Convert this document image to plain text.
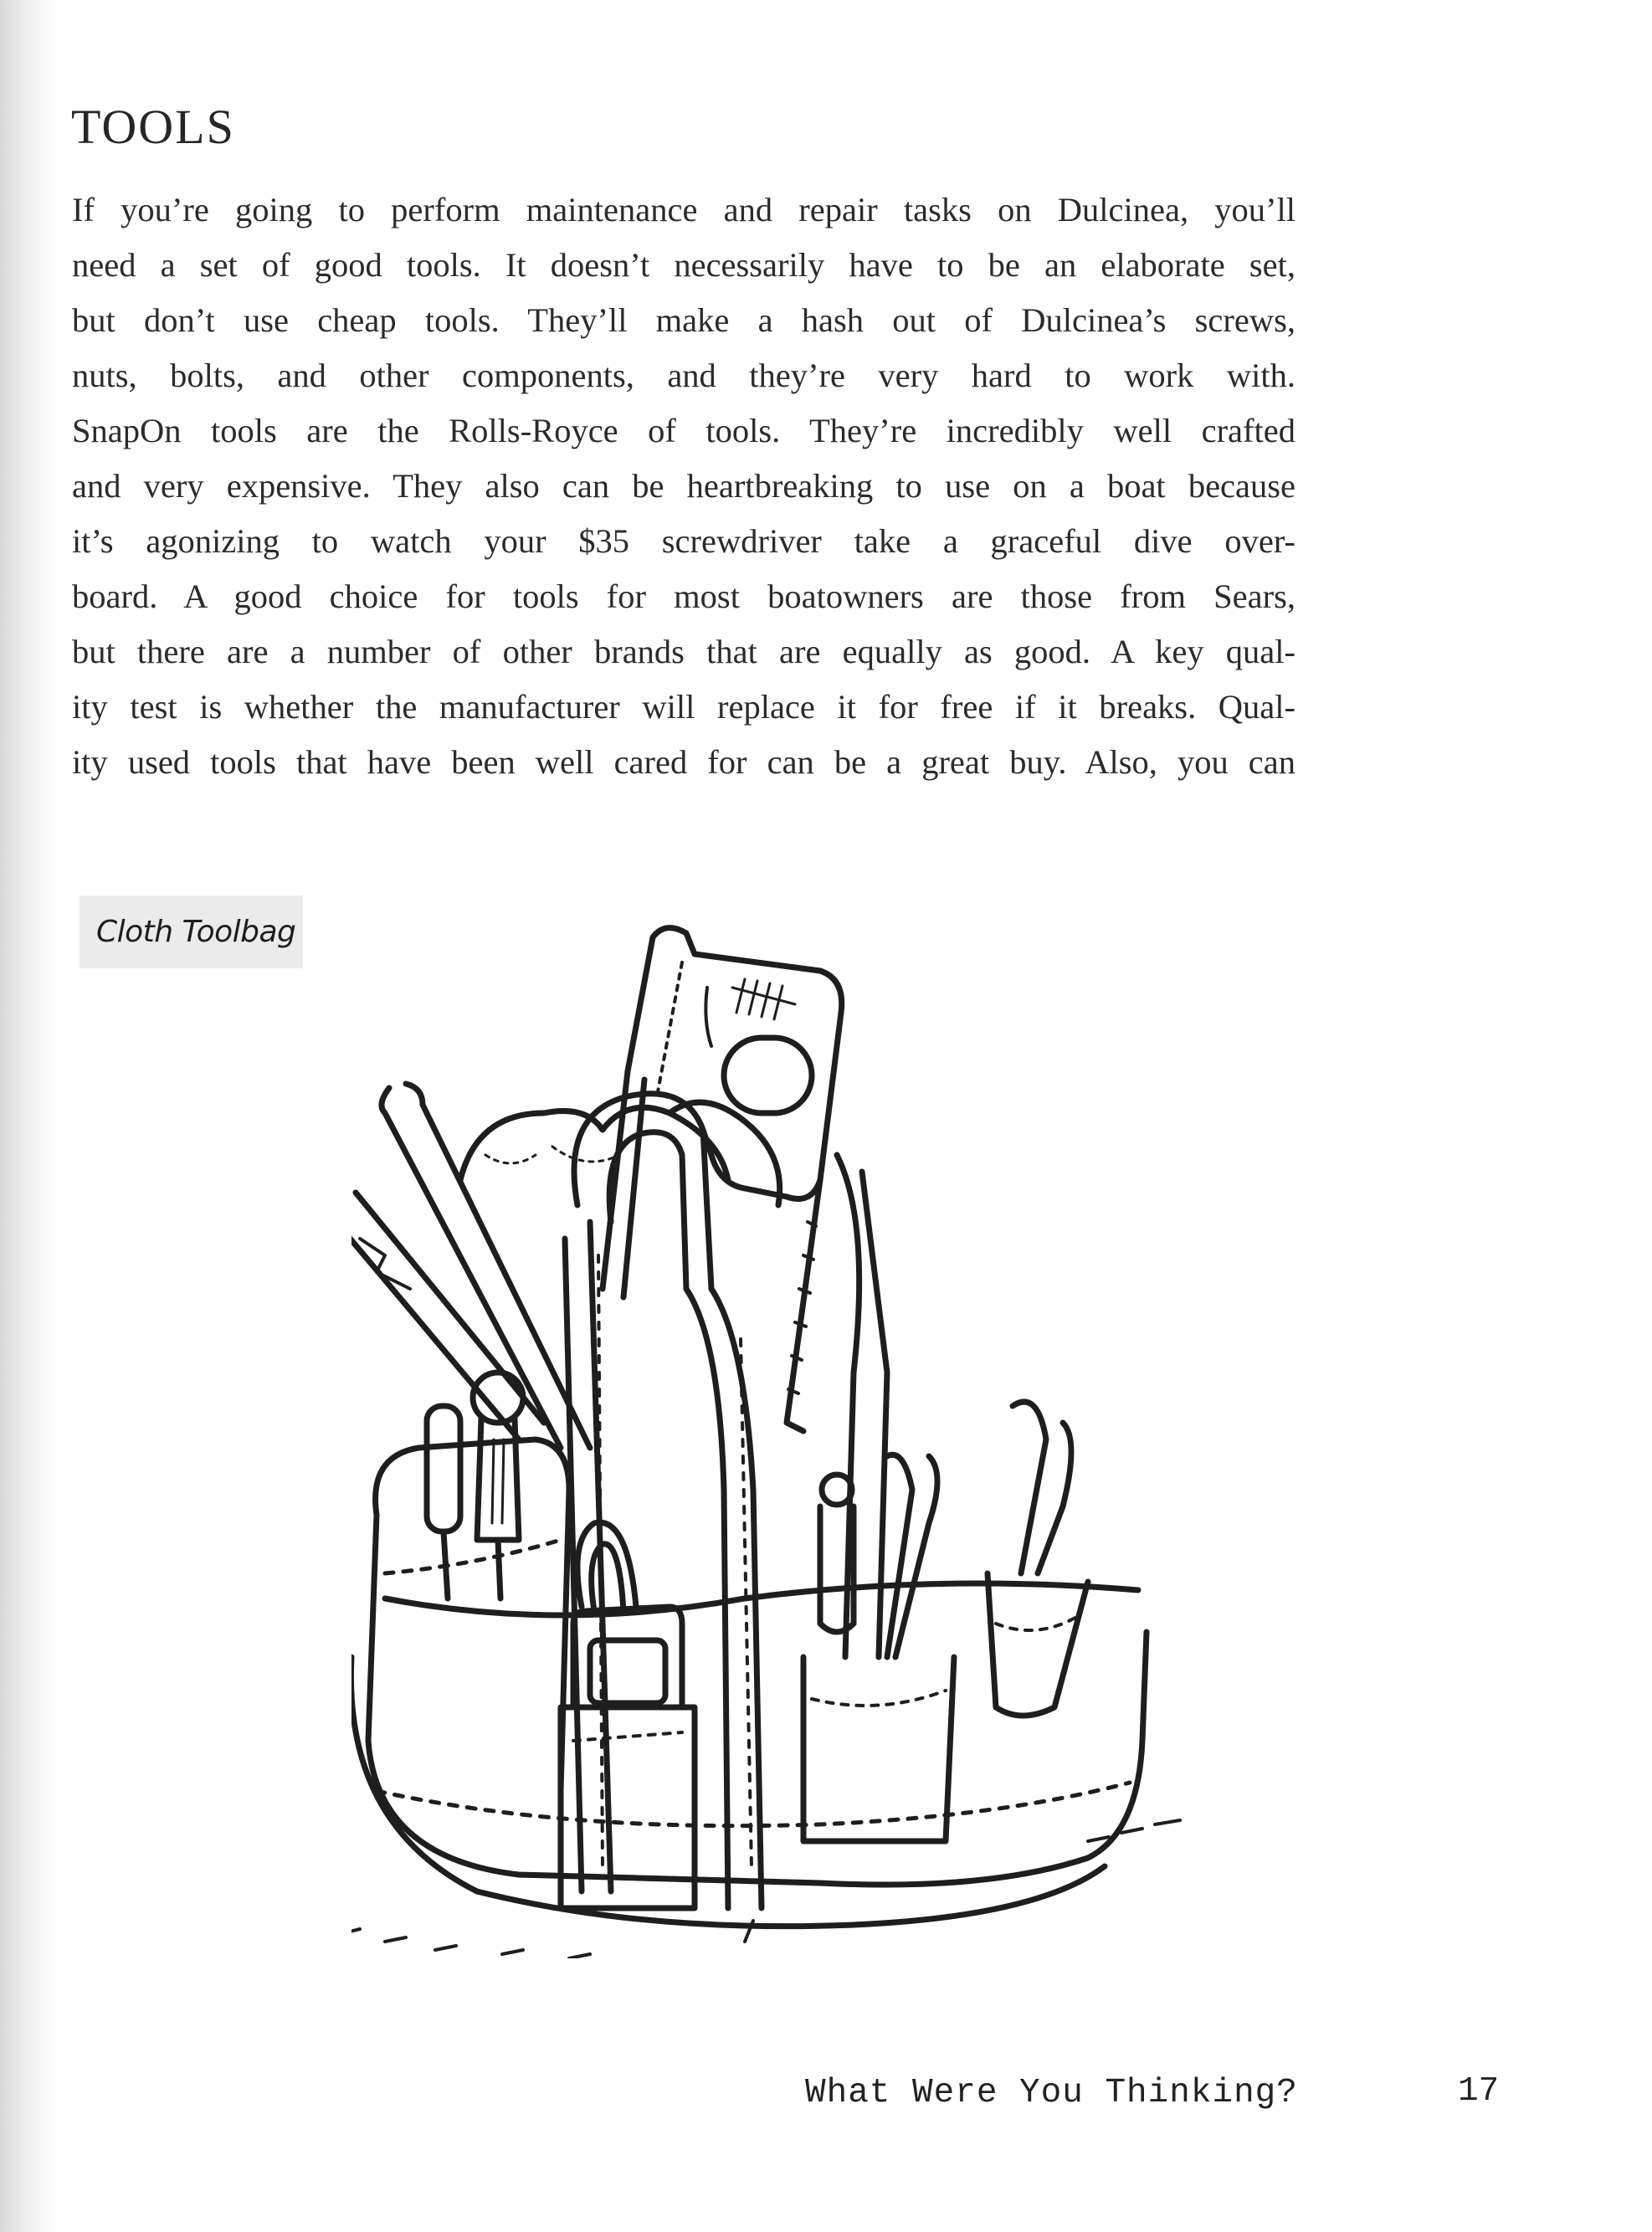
TOOLS

If you’re going to perform maintenance and repair tasks on Dulcinea, you’ll
need a set of good tools. It doesn’t necessarily have to be an elaborate set,
but don’t use cheap tools. They’ll make a hash out of Dulcinea’s screws,
nuts, bolts, and other components, and they’re very hard to work with.
SnapOn tools are the Rolls-Royce of tools. They’re incredibly well crafted
and very expensive. They also can be heartbreaking to use on a boat because
it’s agonizing to watch your $35 screwdriver take a graceful dive over-
board. A good choice for tools for most boatowners are those from Sears,
but there are a number of other brands that are equally as good. A key qual-
ity test is whether the manufacturer will replace it for free if it breaks. Qual-
ity used tools that have been well cared for can be a great buy. Also, you can

Cloth Toolbag
What Were You Thinking?	17
